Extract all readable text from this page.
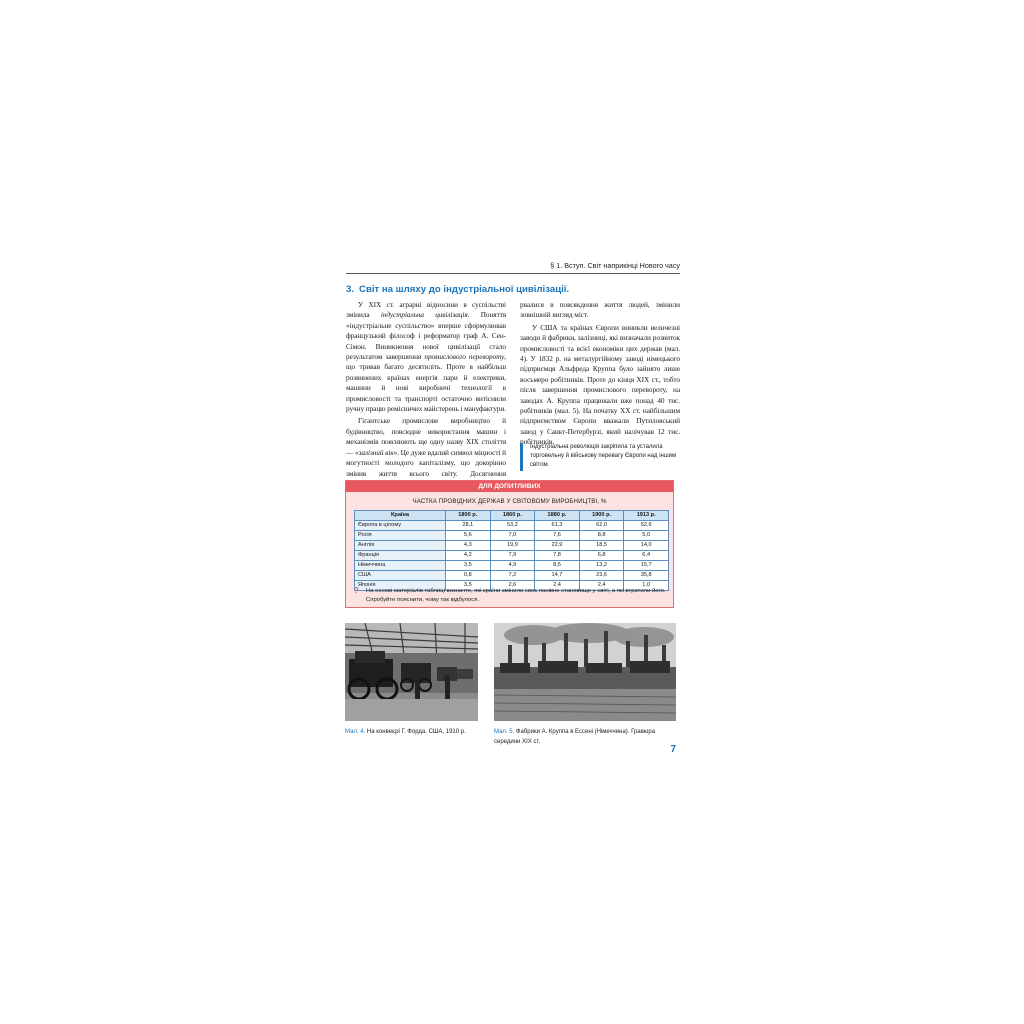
§ 1. Вступ. Світ наприкінці Нового часу
3. Світ на шляху до індустріальної цивілізації.

У XIX ст. аграрні відносини в суспільстві змінила індустріальна цивілізація. Поняття «індустріальне суспільство» вперше сформулював французький філософ і реформатор граф А. Сен-Сімон. Виникнення нової цивілізації стало результатом завершення промислового перевороту, що тривав багато десятиліть. Проте в найбільш розвинених країнах енергія пари й електрики, машини й нові виробничі технології в промисловості та транспорті остаточно витіснили ручну працю ремісничих майстерень і мануфактури.

Гігантське промислове виробництво й будівництво, повсюдне використання машин і механізмів пояснюють ще одну назву XIX століття — «залізний вік». Це дуже вдалий символ міцності й могутності молодого капіталізму, що докорінно змінив життя всього світу. Досягнення

рвалися в повсякдення життя людей, змінили зовнішній вигляд міст.

У США та країнах Європи виникли величезні заводи й фабрики, залізниці, які визначали розвиток промисловості та всієї економіки цих держав (мал. 4). У 1832 р. на металургійному заводі німецького підприємця Альфреда Круппа було зайнято лише восьмеро робітників. Проте до кінця XIX ст., тобто після завершення промислового перевороту, на заводах А. Круппа працювали вже понад 40 тис. робітників (мал. 5). На початку XX ст. найбільшим підприємством Європи вважали Путиловський завод у Санкт-Петербурзі, який налічував 12 тис. робітників.

Індустріальна революція закріпила та усталила торговельну й військову перевагу Європи над іншим світом.
ДЛЯ ДОПИТЛИВИХ
ЧАСТКА ПРОВІДНИХ ДЕРЖАВ У СВІТОВОМУ ВИРОБНИЦТВІ, %
Країна	1800 р.	1860 р.	1880 р.	1900 р.	1913 р.
Європа в цілому	28,1	53,2	61,3	62,0	52,6
Росія	5,6	7,0	7,6	8,8	5,0
Англія	4,3	19,9	22,9	18,5	14,0
Франція	4,2	7,9	7,8	6,8	6,4
Німеччина	3,5	4,9	8,5	13,2	15,7
США	0,8	7,2	14,7	23,6	35,8
Японія	3,5	2,6	2,4	2,4	1,0
? На основі матеріалів таблиці визначте, які країни змінили своє панівне становище у світі, а які втратили його. Спробуйте пояснити, чому так відбулося.
Мал. 4. На конвеєрі Г. Форда. США, 1910 р.	Мал. 5. Фабрики А. Круппа в Ессені (Німеччина). Гравюра середини XIX ст.
7
